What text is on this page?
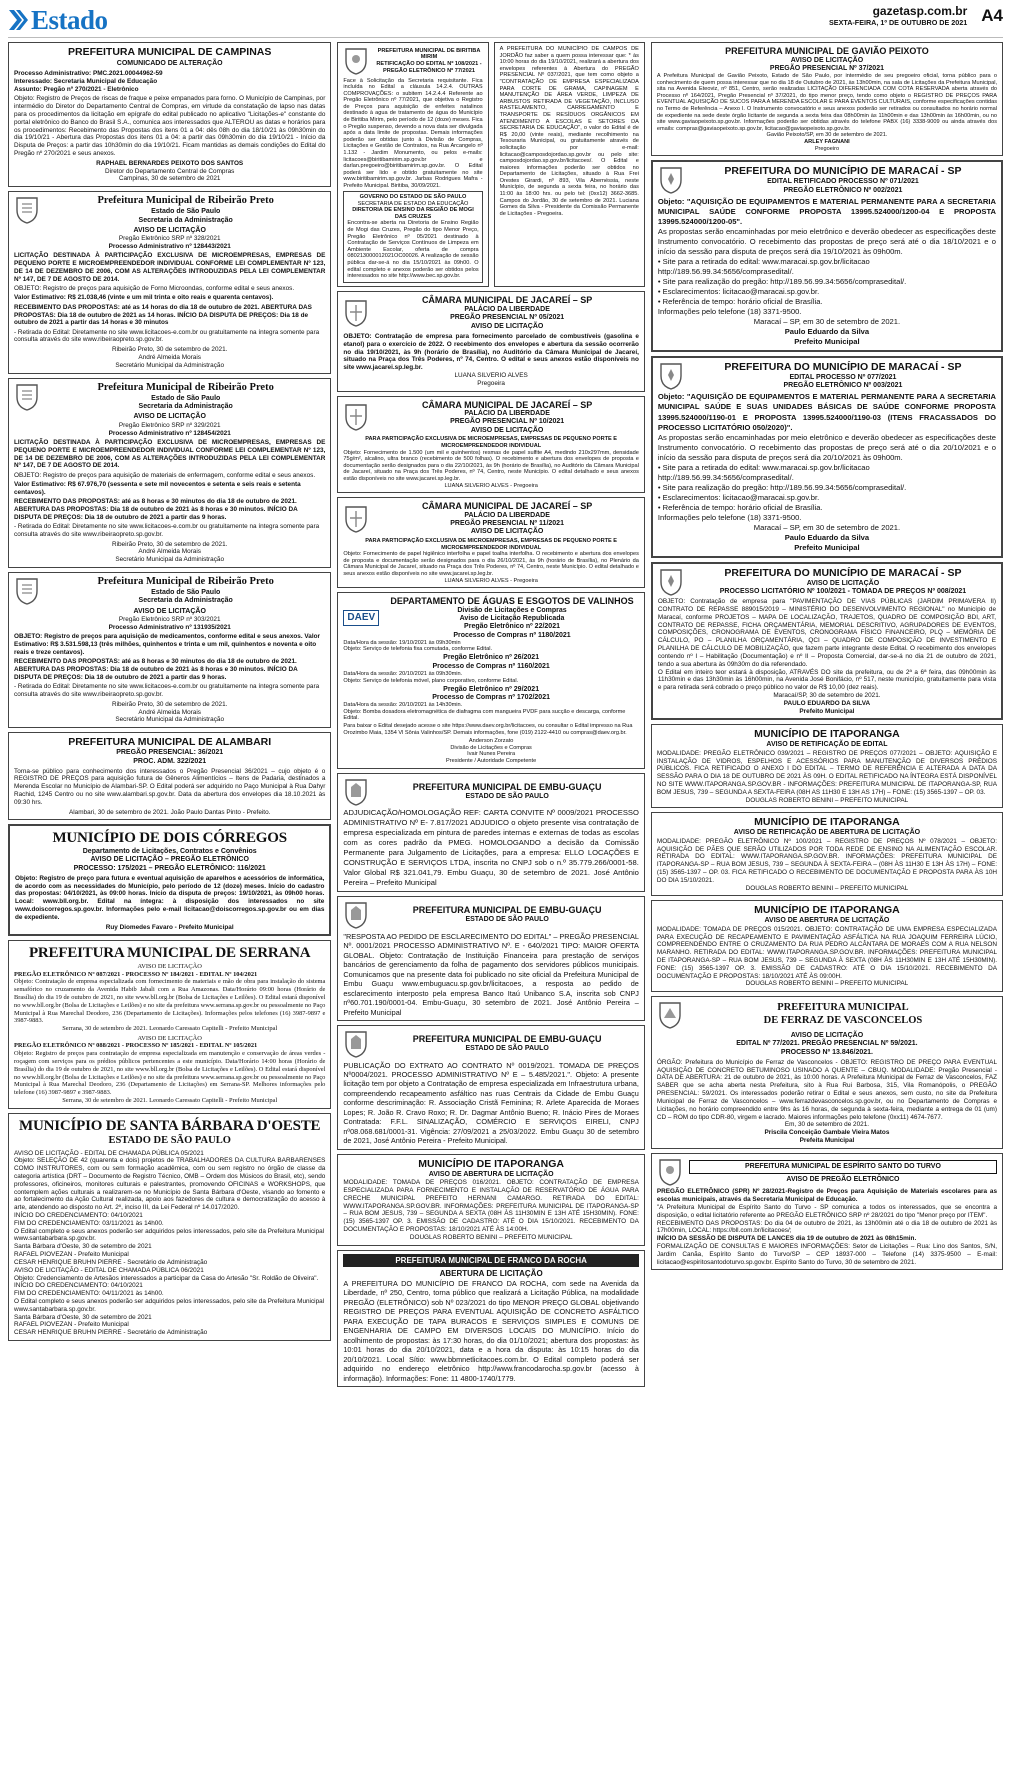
Estado	gazetasp.com.br
SEXTA-FEIRA, 1º DE OUTUBRO DE 2021 A4
PREFEITURA MUNICIPAL DE CAMPINAS
COMUNICADO DE ALTERAÇÃO
Processo Administrativo: PMC.2021.00044962-59
Interessado: Secretaria Municipal de Educação
Assunto: Pregão nº 270/2021 - Eletrônico
Objeto: Registro de Preços de riscas de fraque e peixe empanados para forno. O Município de Campinas, por intermédio do Diretor do Departamento Central de Compras, em virtude da constatação de lapso nas datas para os procedimentos da licitação em epígrafe do edital publicado no aplicativo "Licitações-e" constante do portal eletrônico do Banco do Brasil S.A., comunica aos interessados que ALTEROU as datas e horários para os procedimentos: Recebimento das Propostas dos itens 01 a 04: dês 08h do dia 18/10/21 às 09h30min do dia 19/10/21 - Abertura das Propostas dos itens 01 a 04: a partir das 09h30min do dia 19/10/21 - Início da Disputa de Preços: a partir das 10h30min do dia 19/10/21. Ficam mantidas as demais condições do Edital do Pregão nº 270/2021 e seus anexos.
RAPHAEL BERNARDES PEIXOTO DOS SANTOS
Diretor do Departamento Central de Compras
Campinas, 30 de setembro de 2021
Prefeitura Municipal de Ribeirão Preto
Estado de São Paulo
Secretaria da Administração
AVISO DE LICITAÇÃO
Pregão Eletrônico SRP nº 328/2021
Processo Administrativo nº 128443/2021
LICITAÇÃO DESTINADA À PARTICIPAÇÃO EXCLUSIVA DE MICROEMPRESAS, EMPRESAS DE PEQUENO PORTE E MICROEMPREENDEDOR INDIVIDUAL CONFORME LEI COMPLEMENTAR Nº 123, DE 14 DE DEZEMBRO DE 2006, COM AS ALTERAÇÕES INTRODUZIDAS PELA LEI COMPLEMENTAR Nº 147, DE 7 DE AGOSTO DE 2014.
OBJETO: Registro de preços para aquisição de Forno Microondas, conforme edital e seus anexos.
Valor Estimativo: R$ 21.038,46 (vinte e um mil trinta e oito reais e quarenta centavos).
RECEBIMENTO DAS PROPOSTAS: até as 14 horas do dia 18 de outubro de 2021. ABERTURA DAS PROPOSTAS: Dia 18 de outubro de 2021 as 14 horas. INÍCIO DA DISPUTA DE PREÇOS: Dia 18 de outubro de 2021 a partir das 14 horas e 30 minutos
- Retirada do Edital: Diretamente no site www.licitacoes-e.com.br ou gratuitamente na íntegra somente para consulta através do site www.ribeiraopreto.sp.gov.br.
Ribeirão Preto, 30 de setembro de 2021.
André Almeida Morais
Secretário Municipal da Administração
Prefeitura Municipal de Ribeirão Preto
Estado de São Paulo
Secretaria da Administração
AVISO DE LICITAÇÃO
Pregão Eletrônico SRP nº 329/2021
Processo Administrativo nº 128454/2021
LICITAÇÃO DESTINADA À PARTICIPAÇÃO EXCLUSIVA DE MICROEMPRESAS, EMPRESAS DE PEQUENO PORTE E MICROEMPREENDEDOR INDIVIDUAL CONFORME LEI COMPLEMENTAR Nº 123, DE 14 DE DEZEMBRO DE 2006, COM AS ALTERAÇÕES INTRODUZIDAS PELA LEI COMPLEMENTAR Nº 147, DE 7 DE AGOSTO DE 2014.
OBJETO: Registro de preços para aquisição de materiais de enfermagem, conforme edital e seus anexos.
Valor Estimativo: R$ 67.976,70 (sessenta e sete mil novecentos e setenta e seis reais e setenta centavos).
RECEBIMENTO DAS PROPOSTAS: até as 8 horas e 30 minutos do dia 18 de outubro de 2021. ABERTURA DAS PROPOSTAS: Dia 18 de outubro de 2021 às 8 horas e 30 minutos. INÍCIO DA DISPUTA DE PREÇOS: Dia 18 de outubro de 2021 a partir das 9 horas.
- Retirada do Edital: Diretamente no site www.licitacoes-e.com.br ou gratuitamente na íntegra somente para consulta através do site www.ribeiraopreto.sp.gov.br.
Ribeirão Preto, 30 de setembro de 2021.
André Almeida Morais
Secretário Municipal da Administração
Prefeitura Municipal de Ribeirão Preto
Estado de São Paulo
Secretaria da Administração
AVISO DE LICITAÇÃO
Pregão Eletrônico SRP nº 303/2021
Processo Administrativo nº 131935/2021
OBJETO: Registro de preços para aquisição de medicamentos, conforme edital e seus anexos. Valor Estimativo: R$ 3.531.598,13 (três milhões, quinhentos e trinta e um mil, quinhentos e noventa e oito reais e treze centavos).
RECEBIMENTO DAS PROPOSTAS: até as 8 horas e 30 minutos do dia 18 de outubro de 2021. ABERTURA DAS PROPOSTAS: Dia 18 de outubro de 2021 às 8 horas e 30 minutos. INÍCIO DA DISPUTA DE PREÇOS: Dia 18 de outubro de 2021 a partir das 9 horas.
- Retirada do Edital: Diretamente no site www.licitacoes-e.com.br ou gratuitamente na íntegra somente para consulta através do site www.ribeiraopreto.sp.gov.br.
Ribeirão Preto, 30 de setembro de 2021.
André Almeida Morais
Secretário Municipal da Administração
PREFEITURA MUNICIPAL DE ALAMBARI
PREGÃO PRESENCIAL: 36/2021
PROC. ADM. 322/2021
Torna-se público para conhecimento dos interessados o Pregão Presencial 36/2021 – cujo objeto é o REGISTRO DE PREÇOS para aquisição futura de Gêneros Alimentícios – Itens de Padaria, destinados a Merenda Escolar no Município de Alambari-SP. O Edital poderá ser adquirido no Paço Municipal à Rua Dahyr Rachid, 1245 Centro ou no site www.alambari.sp.gov.br. Data da abertura dos envelopes dia 18.10.2021 às 09:30 hrs.
Alambari, 30 de setembro de 2021. João Paulo Dantas Pinto - Prefeito.
MUNICÍPIO DE DOIS CÓRREGOS
Departamento de Licitações, Contratos e Convênios
AVISO DE LICITAÇÃO – PREGÃO ELETRÔNICO
PROCESSO: 175/2021 – PREGÃO ELETRÔNICO: 116/2021
Objeto: Registro de preço para futura e eventual aquisição de aparelhos e acessórios de informática, de acordo com as necessidades do Município, pelo período de 12 (doze) meses. Início do cadastro das propostas: 04/10/2021, às 09:00 horas. Início da disputa de preços: 19/10/2021, às 09h00 horas. Local: www.bll.org.br. Edital na íntegra: à disposição dos interessados no site www.doiscorregos.sp.gov.br. Informações pelo e-mail licitacao@doiscorregos.sp.gov.br ou em dias de expediente.
Ruy Diomedes Favaro - Prefeito Municipal
PREFEITURA MUNICIPAL DE SERRANA
AVISO DE LICITAÇÃO
PREGÃO ELETRÔNICO Nº 087/2021 - PROCESSO Nº 184/2021 - EDITAL Nº 104/2021
Objeto: Contratação de empresa especializada com fornecimento de materiais e mão de obra para instalação do sistema semafórico no cruzamento da Avenida Habib Jabali com a Rua Amazonas. Data/Horário 09:00 horas (Horário de Brasília) do dia 19 de outubro de 2021, no site www.bll.org.br (Bolsa de Licitações e Leilões). O Edital estará disponível no www.bll.org.br (Bolsa de Licitações e Leilões) e no site da prefeitura www.serrana.sp.gov.br ou pessoalmente no Paço Municipal à Rua Marechal Deodoro, 236 (Departamento de Licitações). Informações pelos telefones (16) 3987-9897 e 3987-9883.
Serrana, 30 de setembro de 2021. Leonardo Caressato Capitelli - Prefeito Municipal
AVISO DE LICITAÇÃO
PREGÃO ELETRÔNICO Nº 088/2021 - PROCESSO Nº 185/2021 - EDITAL Nº 105/2021
Objeto: Registro de preços para contratação de empresa especializada em manutenção e conservação de áreas verdes - roçagem com serviços para os prédios públicos pertencentes a este município. Data/Horário 14:00 horas (Horário de Brasília) do dia 19 de outubro de 2021, no site www.bll.org.br (Bolsa de Licitações e Leilões). O Edital estará disponível no www.bll.org.br (Bolsa de Licitações e Leilões) e no site da prefeitura www.serrana.sp.gov.br ou pessoalmente no Paço Municipal à Rua Marechal Deodoro, 236 (Departamento de Licitações) em Serrana-SP. Melhores informações pelo telefone (16) 3987-9897 e 3987-9883.
Serrana, 30 de setembro de 2021. Leonardo Caressato Capitelli - Prefeito Municipal
MUNICÍPIO DE SANTA BÁRBARA D'OESTE
ESTADO DE SÃO PAULO
AVISO DE LICITAÇÃO - EDITAL DE CHAMADA PÚBLICA 05/2021
Objeto: SELEÇÃO DE 42 (quarenta e dois) projetos de TRABALHADORES DA CULTURA BARBARENSES COMO INSTRUTORES, com ou sem formação acadêmica, com ou sem registro no órgão de classe da categoria artística (DRT – Documento de Registro Técnico, OMB – Ordem dos Músicos do Brasil, etc), sendo professores, oficineiros, monitores culturais e palestrantes, promovendo OFICINAS e WORKSHOPS, que contemplem ações culturais a realizarem-se no Município de Santa Bárbara d'Oeste, visando ao fomento e ao fortalecimento da Ação Cultural realizada, apoio aos fazedores de cultura e democratização do acesso à arte, atendendo ao disposto no Art. 2º, inciso III, da Lei Federal nº 14.017/2020.
INÍCIO DO CREDENCIAMENTO: 04/10/2021
FIM DO CREDENCIAMENTO: 03/11/2021 às 14h00.
O Edital completo e seus anexos poderão ser adquiridos pelos interessados, pelo site da Prefeitura Municipal www.santabarbara.sp.gov.br.
Santa Bárbara d'Oeste, 30 de setembro de 2021
RAFAEL PIOVEZAN - Prefeito Municipal
CESAR HENRIQUE BRUHN PIERRE - Secretário de Administração
AVISO DE LICITAÇÃO - EDITAL DE CHAMADA PÚBLICA 06/2021
Objeto: Credenciamento de Artesãos interessados a participar da Casa do Artesão "Sr. Roldão de Oliveira".
INÍCIO DO CREDENCIAMENTO: 04/10/2021
FIM DO CREDENCIAMENTO: 04/11/2021 às 14h00.
O Edital completo e seus anexos poderão ser adquiridos pelos interessados, pelo site da Prefeitura Municipal www.santabarbara.sp.gov.br.
Santa Bárbara d'Oeste, 30 de setembro de 2021
RAFAEL PIOVEZAN - Prefeito Municipal
CESAR HENRIQUE BRUHN PIERRE - Secretário de Administração
PREFEITURA MUNICIPAL DE BIRITIBA MIRIM
RETIFICAÇÃO DO EDITAL Nº 108/2021 - PREGÃO ELETRÔNICO Nº 77/2021
Face à Solicitação da Secretaria requisitante. Fica incluída no Edital a cláusula 14.2.4. OUTRAS COMPROVAÇÕES: o subitem 14.2.4.4 Referente ao Pregão Eletrônico nº 77/2021, que objetiva o Registro de Preços para aquisição de enfeites natalinos destinado à agua de tratamento de água do Município de Biritiba Mirim, pelo período de 12 (doze) meses. Fica o Pregão suspenso, devendo a nova data ser divulgada após a data limite de propostas. Demais informações poderão ser obtidas junto à Divisão de Compras, Licitações e Gestão de Contratos, na Rua Arcangelo nº 1.132 - Jardim Monumento, ou pelos e-mails: licitacoes@biritibamirim.sp.gov.br e darlan.pregoeiro@biritibamirim.sp.gov.br. O Edital poderá ser lido e obtido gratuitamente no site www.biritibamirim.sp.gov.br. Jarbas Rodrigues Mafra - Prefeito Municipal. Biritiba, 30/09/2021.
GOVERNO DO ESTADO DE SÃO PAULO
SECRETARIA DE ESTADO DA EDUCAÇÃO
DIRETORIA DE ENSINO DA REGIÃO DE MOGI DAS CRUZES
Encontra-se aberta na Diretoria de Ensino Região de Mogi das Cruzes, Pregão do tipo Menor Preço, Pregão Eletrônico nº 05/2021 destinado à Contratação de Serviços Contínuos de Limpeza em Ambiente Escolar, oferta de compra 080213000012021OC00026. A realização de sessão pública dar-se-á no dia 15/10/2021 às 09h00. O edital completo e anexos poderão ser obtidos pelos interessados no site http://www.bec.sp.gov.br.
A PREFEITURA DO MUNICÍPIO DE CAMPOS DE JORDÃO faz saber a quem possa interessar que: * às 10:00 horas do dia 19/10/2021, realizará a abertura dos envelopes referentes à Abertura do PREGÃO PRESENCIAL Nº 037/2021, que tem como objeto a "CONTRATAÇÃO DE EMPRESA ESPECIALIZADA PARA CORTE DE GRAMA, CAPINAGEM E MANUTENÇÃO DE ÁREA VERDE, LIMPEZA DE ARBUSTOS RETIRADA DE VEGETAÇÃO, INCLUSO RASTELAMENTO, CARREGAMENTO E TRANSPORTE DE RESÍDUOS ORGÂNICOS EM ATENDIMENTO A ESCOLAS E SETORES DA SECRETARIA DE EDUCAÇÃO", o valor do Edital é de R$ 20,00 (vinte reais), mediante recolhimento na Tesouraria Municipal, ou gratuitamente através de solicitação por e-mail: licitacao@camposdojordao.sp.gov.br ou pelo site: camposdojordao.sp.gov.br/licitacoes/. O Edital e maiores informações poderão ser obtidos no Departamento de Licitações, situado à Rua Frei Orestes Girardi, nº 893, Vila Abernéssia, neste Município, de segunda a sexta feira, no horário das 11:00 às 18:00 hrs. ou pelo tel: (0xx12) 3662-3685. Campos do Jordão, 30 de setembro de 2021. Luciana Gomes da Silva - Presidente da Comissão Permanente de Licitações - Pregoeira.
CÂMARA MUNICIPAL DE JACAREÍ – SP
PALÁCIO DA LIBERDADE
PREGÃO PRESENCIAL Nº 05/2021
AVISO DE LICITAÇÃO
OBJETO: Contratação de empresa para fornecimento parcelado de combustíveis (gasolina e etanol) para o exercício de 2022. O recebimento dos envelopes e abertura da sessão ocorrerão no dia 19/10/2021, às 9h (horário de Brasília), no Auditório da Câmara Municipal de Jacareí, situado na Praça dos Três Poderes, nº 74, Centro. O edital e seus anexos estão disponíveis no site www.jacarei.sp.leg.br.
LUANA SILVERIO ALVES
Pregoeira
CÂMARA MUNICIPAL DE JACAREÍ – SP
PALÁCIO DA LIBERDADE
PREGÃO PRESENCIAL Nº 10/2021
AVISO DE LICITAÇÃO
PARA PARTICIPAÇÃO EXCLUSIVA DE MICROEMPRESAS, EMPRESAS DE PEQUENO PORTE E MICROEMPREENDEDOR INDIVIDUAL
Objeto: Fornecimento de 1.500 (um mil e quinhentos) resmas de papel sulfite A4, medindo 210x297mm, densidade 75g/m², alcalino, ultra branco (recebimento de 500 folhas). O recebimento e abertura dos envelopes de proposta e documentação serão designados para o dia 22/10/2021, às 9h (horário de Brasília), no Auditório da Câmara Municipal de Jacareí, situado na Praça dos Três Poderes, nº 74, Centro, neste Município. O edital detalhado e seus anexos estão disponíveis no site www.jacarei.sp.leg.br.
LUANA SILVERIO ALVES - Pregoeira
CÂMARA MUNICIPAL DE JACAREÍ – SP
PALÁCIO DA LIBERDADE
PREGÃO PRESENCIAL Nº 11/2021
AVISO DE LICITAÇÃO
PARA PARTICIPAÇÃO EXCLUSIVA DE MICROEMPRESAS, EMPRESAS DE PEQUENO PORTE E MICROEMPREENDEDOR INDIVIDUAL
Objeto: Fornecimento de papel higiênico interfolha e papel toalha interfolha. O recebimento e abertura dos envelopes de proposta e documentação serão designados para o dia 26/10/2021, às 9h (horário de Brasília), no Plenário da Câmara Municipal de Jacareí, situado na Praça dos Três Poderes, nº 74, Centro, neste Município. O edital detalhado e seus anexos estão disponíveis no site www.jacarei.sp.leg.br.
LUANA SILVERIO ALVES - Pregoeira
DAEV
DEPARTAMENTO DE ÁGUAS E ESGOTOS DE VALINHOS
Divisão de Licitações e Compras
Aviso de Licitação Republicada
Pregão Eletrônico nº 22/2021
Processo de Compras nº 1180/2021
Data/Hora da sessão: 19/10/2021 às 09h30min
Objeto: Serviço de telefonia fixa comutada, conforme Edital.
Pregão Eletrônico nº 26/2021
Processo de Compras nº 1160/2021
Data/Hora da sessão: 20/10/2021 às 09h30min.
Objeto: Serviço de telefonia móvel, plano corporativo, conforme Edital.
Pregão Eletrônico nº 29/2021
Processo de Compras nº 1702/2021
Data/Hora da sessão: 20/10/2021 às 14h30min.
Objeto: Bomba dosadora eletromagnética de diafragma com mangueira PVDF para sucção e descarga, conforme Edital.
Para baixar o Edital desejado acesse o site https://www.daev.org.br/licitacoes, ou consultar o Edital impresso na Rua Orozimbo Maia, 1354 Vl Sônia Valinhos/SP. Demais informações, fone (019) 2122-4410 ou compras@daev.org.br.
Anderson Zorzato
Divisão de Licitações e Compras
Ivair Nunes Pereira
Presidente / Autoridade Competente
PREFEITURA MUNICIPAL DE EMBU-GUAÇU
ESTADO DE SÃO PAULO
ADJUDICAÇÃO/HOMOLOGAÇÃO REF: CARTA CONVITE Nº 0009/2021 PROCESSO ADMINISTRATIVO Nº E- 7.817/2021 ADJUDICO o objeto presente visa contratação de empresa especializada em pintura de paredes internas e externas de todas as escolas com as cores padrão da PMEG. HOMOLOGANDO a decisão da Comissão Permanente para Julgamento de Licitações, para a empresa: ELLO LOCAÇÕES E CONSTRUÇÃO E SERVIÇOS LTDA, inscrita no CNPJ sob o n.º 35.779.266/0001-58. Valor Global R$ 321.041,79. Embu Guaçu, 30 de setembro de 2021. José Antônio Pereira – Prefeito Municipal
PREFEITURA MUNICIPAL DE EMBU-GUAÇU
ESTADO DE SÃO PAULO
"RESPOSTA AO PEDIDO DE ESCLARECIMENTO DO EDITAL" – PREGÃO PRESENCIAL Nº. 0001/2021 PROCESSO ADMINISTRATIVO Nº. E - 640/2021 TIPO: MAIOR OFERTA GLOBAL. Objeto: Contratação de Instituição Financeira para prestação de serviços bancários de gerenciamento da folha de pagamento dos servidores públicos municipais. Comunicamos que na presente data foi publicado no site oficial da Prefeitura Municipal de Embu Guaçu www.embuguacu.sp.gov.br/licitacoes, a resposta ao pedido de esclarecimento interposto pela empresa Banco Itaú Unibanco S.A, inscrita sob CNPJ nº60.701.190/0001-04. Embu-Guaçu, 30 setembro de 2021. José Antônio Pereira – Prefeito Municipal
PREFEITURA MUNICIPAL DE EMBU-GUAÇU
ESTADO DE SÃO PAULO
PUBLICAÇÃO DO EXTRATO AO CONTRATO Nº 0019/2021. TOMADA DE PREÇOS Nº0004/2021. PROCESSO ADMINISTRATIVO Nº E – 5.485/2021.". Objeto: A presente licitação tem por objeto a Contratação de empresa especializada em Infraestrutura urbana, compreendendo recapeamento asfáltico nas ruas Centrais da Cidade de Embu Guaçu conforme descriminação: R. Associação Cristã Feminina; R. Arlete Aparecida de Moraes Lopes; R. João R. Cravo Roxo; R. Dr. Dagmar Antônio Bueno; R. Inácio Pires de Moraes Contratada: F.F.L. SINALIZAÇÃO, COMÉRCIO E SERVIÇOS EIRELI, CNPJ nº08.068.681/0001-31. Vigência: 27/09/2021 a 25/03/2022. Embu Guaçu 30 de setembro de 2021, José Antônio Pereira - Prefeito Municipal.
MUNICÍPIO DE ITAPORANGA
AVISO DE ABERTURA DE LICITAÇÃO
MODALIDADE: TOMADA DE PREÇOS 016/2021. OBJETO: CONTRATAÇÃO DE EMPRESA ESPECIALIZADA PARA FORNECIMENTO E INSTALAÇÃO DE RESERVATÓRIO DE ÁGUA PARA CRECHE MUNICIPAL PREFEITO HERNANI CAMARGO. RETIRADA DO EDITAL: WWW.ITAPORANGA.SP.GOV.BR. INFORMAÇÕES: PREFEITURA MUNICIPAL DE ITAPORANGA-SP – RUA BOM JESUS, 739 – SEGUNDA A SEXTA (08H ÀS 11H30MIN E 13H ATÉ 15H30MIN). FONE: (15) 3565-1397 OP. 3. EMISSÃO DE CADASTRO: ATÉ O DIA 15/10/2021. RECEBIMENTO DA DOCUMENTAÇÃO E PROPOSTAS: 18/10/2021 ATÉ ÀS 14:00H.
DOUGLAS ROBERTO BENINI – PREFEITO MUNICIPAL
PREFEITURA MUNICIPAL DE FRANCO DA ROCHA
ABERTURA DE LICITAÇÃO
A PREFEITURA DO MUNICÍPIO DE FRANCO DA ROCHA, com sede na Avenida da Liberdade, nº 250, Centro, torna público que realizará a Licitação Pública, na modalidade PREGÃO (ELETRÔNICO) sob Nº 023/2021 do tipo MENOR PREÇO GLOBAL objetivando REGISTRO DE PREÇOS PARA EVENTUAL AQUISIÇÃO DE CONCRETO ASFÁLTICO PARA EXECUÇÃO DE TAPA BURACOS E SERVIÇOS SIMPLES E COMUNS DE ENGENHARIA DE CAMPO EM DIVERSOS LOCAIS DO MUNICÍPIO. Início do acolhimento de propostas: às 17:30 horas, do dia 01/10/2021; abertura dos propostas: às 10:01 horas do dia 20/10/2021, data e a hora da disputa: às 10:15 horas do dia 20/10/2021. Local Sítio: www.bbmnetlicitacoes.com.br. O Edital completo poderá ser adquirido no endereço eletrônico http://www.francodarocha.sp.gov.br (acesso à informação). Informações: Fone: 11 4800-1740/1779.
PREFEITURA MUNICIPAL DE GAVIÃO PEIXOTO
AVISO DE LICITAÇÃO
PREGÃO PRESENCIAL Nº 37/2021
A Prefeitura Municipal de Gavião Peixoto, Estado de São Paulo, por intermédio de seu pregoeiro oficial, torna público para o conhecimento de quem possa interessar que no dia 18 de Outubro de 2021, às 13h00min, na sala de Licitações da Prefeitura Municipal, sita na Avenida Eteoviz, nº 851, Centro, serão realizadas LICITAÇÃO DIFERENCIADA COM COTA RESERVADA aberta através do Processo nº 164/2021, Pregão Presencial nº 37/2021, do tipo menor preço, tendo como objeto o REGISTRO DE PREÇOS PARA EVENTUAL AQUISIÇÃO DE SUCOS PARA A MERENDA ESCOLAR E PARA EVENTOS CULTURAIS, conforme especificações contidas no Termo de Referência – Anexo I. O Instrumento convocatório e seus anexos poderão ser retirados ou consultados no horário normal de expediente na sede deste órgão licitante de segunda a sexta feira das 08h00min às 11h00min e das 13h00min às 16h00min, ou no site www.gaviaopeixoto.sp.gov.br. Informações poderão ser obtidas através do telefone PABX (16) 3338-9009 ou ainda através dos emails: compras@gaviaopeixoto.sp.gov.br, licitacao@gaviaopeixoto.sp.gov.br.
Gavião Peixoto/SP, em 30 de setembro de 2021.
ARLEY FAGNANI
Pregoeiro
PREFEITURA DO MUNICÍPIO DE MARACAÍ - SP
EDITAL RETIFICADO PROCESSO Nº 071/2021
PREGÃO ELETRÔNICO Nº 002/2021
Objeto: "AQUISIÇÃO DE EQUIPAMENTOS E MATERIAL PERMANENTE PARA A SECRETARIA MUNICIPAL SAÚDE CONFORME PROPOSTA 13995.524000/1200-04 E PROPOSTA 13995.524000/1200-05".
As propostas serão encaminhadas por meio eletrônico e deverão obedecer as especificações deste Instrumento convocatório. O recebimento das propostas de preço será até o dia 18/10/2021 e o início da sessão para disputa de preços será dia 19/10/2021 às 09h00m.
• Site para a retirada do edital: www.maracai.sp.gov.br/licitacao http://189.56.99.34:5656/comprasedital/.
• Site para realização do pregão: http://189.56.99.34:5656/comprasedital/.
• Esclarecimentos: licitacao@maracai.sp.gov.br.
• Referência de tempo: horário oficial de Brasília.
Informações pelo telefone (18) 3371-9500.
Maracaí – SP, em 30 de setembro de 2021.
Paulo Eduardo da Silva
Prefeito Municipal
PREFEITURA DO MUNICÍPIO DE MARACAÍ - SP
EDITAL PROCESSO Nº 077/2021
PREGÃO ELETRÔNICO Nº 003/2021
Objeto: "AQUISIÇÃO DE EQUIPAMENTOS E MATERIAL PERMANENTE PARA A SECRETARIA MUNICIPAL SAÚDE E SUAS UNIDADES BÁSICAS DE SAÚDE CONFORME PROPOSTA 13995.524000/1190-01 E PROPOSTA 13995.524000/1190-03 (ITENS FRACASSADOS DO PROCESSO LICITATÓRIO 050/2020)".
As propostas serão encaminhadas por meio eletrônico e deverão obedecer as especificações deste Instrumento convocatório. O recebimento das propostas de preço será até o dia 20/10/2021 e o início da sessão para disputa de preços será dia 20/10/2021 às 09h00m.
• Site para a retirada do edital: www.maracai.sp.gov.br/licitacao http://189.56.99.34:5656/comprasedital/.
• Site para realização do pregão: http://189.56.99.34:5656/comprasedital/.
• Esclarecimentos: licitacao@maracai.sp.gov.br.
• Referência de tempo: horário oficial de Brasília.
Informações pelo telefone (18) 3371-9500.
Maracaí – SP, em 30 de setembro de 2021.
Paulo Eduardo da Silva
Prefeito Municipal
PREFEITURA DO MUNICÍPIO DE MARACAÍ - SP
AVISO DE LICITAÇÃO
PROCESSO LICITATÓRIO Nº 100/2021 - TOMADA DE PREÇOS Nº 008/2021
OBJETO: Contratação de empresa para "PAVIMENTAÇÃO DE VIAS PÚBLICAS (JARDIM PRIMAVERA II) CONTRATO DE REPASSE 889015/2019 – MINISTÉRIO DO DESENVOLVIMENTO REGIONAL" no Município de Maracaí, conforme PROJETOS – MAPA DE LOCALIZAÇÃO, TRAJETOS, QUADRO DE COMPOSIÇÃO BDI, ART, CONTRATO DE REPASSE, FICHA ORÇAMENTÁRIA, MEMORIAL DESCRITIVO, AGRUPADORES DE EVENTOS, COMPOSIÇÕES, CRONOGRAMA DE EVENTOS, CRONOGRAMA FÍSICO FINANCEIRO, PLQ – MEMÓRIA DE CÁLCULO, PO – PLANILHA ORÇAMENTÁRIA, QCI – QUADRO DE COMPOSIÇÃO DE INVESTIMENTO E PLANILHA DE CÁLCULO DE MOBILIZAÇÃO, que fazem parte integrante deste Edital. O recebimento dos envelopes contendo nº I – Habilitação (Documentação) e nº II – Proposta Comercial, dar-se-á no dia 21 de outubro de 2021, tendo a sua abertura às 09h30m do dia referendado.
O Edital em inteiro teor estará à disposição, ATRAVÉS DO site da prefeitura, ou de 2ª a 6ª feira, das 09h00min às 11h30min e das 13h30min às 16h00min, na Avenida José Bonifácio, nº 517, neste município, gratuitamente para vista e para retirada será cobrado o preço público no valor de R$ 10,00 (dez reais).
Maracaí/SP, 30 de setembro de 2021.
PAULO EDUARDO DA SILVA
Prefeito Municipal
MUNICÍPIO DE ITAPORANGA
AVISO DE RETIFICAÇÃO DE EDITAL
MODALIDADE: PREGÃO ELETRÔNICO 039/2021 – REGISTRO DE PREÇOS 077/2021 – OBJETO: AQUISIÇÃO E INSTALAÇÃO DE VIDROS, ESPELHOS E ACESSÓRIOS PARA MANUTENÇÃO DE DIVERSOS PRÉDIOS PÚBLICOS. FICA RETIFICADO O ANEXO I DO EDITAL – TERMO DE REFERÊNCIA E ALTERADA A DATA DA SESSÃO PARA O DIA 18 DE OUTUBRO DE 2021 ÀS 09H. O EDITAL RETIFICADO NA ÍNTEGRA ESTÁ DISPONÍVEL NO SITE WWW.ITAPORANGA.SP.GOV.BR - INFORMAÇÕES: PREFEITURA MUNICIPAL DE ITAPORANGA-SP, RUA BOM JESUS, 739 – SEGUNDA A SEXTA-FEIRA (08H AS 11H30 E 13H AS 17H) – FONE: (15) 3565-1397 – OP. 03.
DOUGLAS ROBERTO BENINI – PREFEITO MUNICIPAL
MUNICÍPIO DE ITAPORANGA
AVISO DE RETIFICAÇÃO DE ABERTURA DE LICITAÇÃO
MODALIDADE: PREGÃO ELETRÔNICO Nº 100/2021 – REGISTRO DE PREÇOS Nº 078/2021 – OBJETO: AQUISIÇÃO DE PÃES QUE SERÃO UTILIZADOS POR TODA REDE DE ENSINO NA ALIMENTAÇÃO ESCOLAR. RETIRADA DO EDITAL: WWW.ITAPORANGA.SP.GOV.BR. INFORMAÇÕES: PREFEITURA MUNICIPAL DE ITAPORANGA-SP – RUA BOM JESUS, 739 – SEGUNDA À SEXTA-FEIRA – (08H ÀS 11H30 E 13H ÀS 17H) – FONE: (15) 3565-1397 – OP. 03. FICA RETIFICADO O RECEBIMENTO DE DOCUMENTAÇÃO E PROPOSTA PARA ÀS 10H DO DIA 15/10/2021.
DOUGLAS ROBERTO BENINI – PREFEITO MUNICIPAL
MUNICÍPIO DE ITAPORANGA
AVISO DE ABERTURA DE LICITAÇÃO
MODALIDADE: TOMADA DE PREÇOS 015/2021. OBJETO: CONTRATAÇÃO DE UMA EMPRESA ESPECIALIZADA PARA EXECUÇÃO DE RECAPEAMENTO E PAVIMENTAÇÃO ASFÁLTICA NA RUA JOAQUIM FERREIRA LÚCIO, COMPREENDENDO ENTRE O CRUZAMENTO DA RUA PEDRO ALCÂNTARA DE MORAES COM A RUA NELSON MARANHO. RETIRADA DO EDITAL: WWW.ITAPORANGA.SP.GOV.BR. INFORMAÇÕES: PREFEITURA MUNICIPAL DE ITAPORANGA-SP – RUA BOM JESUS, 739 – SEGUNDA À SEXTA (08H ÀS 11H30MIN E 13H ATÉ 15H30MIN). FONE: (15) 3565-1397 OP. 3. EMISSÃO DE CADASTRO: ATÉ O DIA 15/10/2021. RECEBIMENTO DA DOCUMENTAÇÃO E PROPOSTAS: 18/10/2021 ATÉ ÀS 09:00H.
DOUGLAS ROBERTO BENINI – PREFEITO MUNICIPAL
PREFEITURA MUNICIPAL
DE FERRAZ DE VASCONCELOS
AVISO DE LICITAÇÃO
EDITAL Nº 77/2021. PREGÃO PRESENCIAL Nº 59/2021.
PROCESSO Nº 13.846/2021.
ÓRGÃO: Prefeitura do Município de Ferraz de Vasconcelos - OBJETO: REGISTRO DE PREÇO PARA EVENTUAL AQUISIÇÃO DE CONCRETO BETUMINOSO USINADO A QUENTE – CBUQ. MODALIDADE: Pregão Presencial - DATA DE ABERTURA: 21 de outubro de 2021, às 10:00 horas. A Prefeitura Municipal de Ferraz de Vasconcelos, FAZ SABER que se acha aberta nesta Prefeitura, sito à Rua Rui Barbosa, 315, Vila Romanópolis, o PREGÃO PRESENCIAL: 59/2021. Os interessados poderão retirar o Edital e seus anexos, sem custo, no site da Prefeitura Municipal de Ferraz de Vasconcelos – www.ferrazdevasconcelos.sp.gov.br, ou no Departamento de Compras e Licitações, no horário compreendido entre 9hs às 16 horas, de segunda à sexta-feira, mediante a entrega de 01 (um) CD – ROM do tipo CDR-80, virgem e lacrado. Maiores informações pelo telefone (0xx11) 4674-7677.
Em, 30 de setembro de 2021.
Priscila Conceição Gambale Vieira Matos
Prefeita Municipal
PREFEITURA MUNICIPAL DE ESPÍRITO SANTO DO TURVO
AVISO DE PREGÃO ELETRÔNICO
PREGÃO ELETRÔNICO (SPR) Nº 28/2021-Registro de Preços para Aquisição de Materiais escolares para as escolas municipais, através da Secretaria Municipal de Educação.
"A Prefeitura Municipal de Espírito Santo do Turvo - SP comunica a todos os interessados, que se encontra a disposição, o edital licitatório referente ao PREGÃO ELETRÔNICO SRP nº 28/2021 do tipo "Menor preço por ITEM".
RECEBIMENTO DAS PROPOSTAS: Do dia 04 de outubro de 2021, às 13h00min até o dia 18 de outubro de 2021 às 17h00min, LOCAL: https://bll.com.br/licitacoes/;
INÍCIO DA SESSÃO DE DISPUTA DE LANCES dia 19 de outubro de 2021 às 08h15min.
FORMALIZAÇÃO DE CONSULTAS E MAIORES INFORMAÇÕES: Setor de Licitações – Rua: Lino dos Santos, S/N, Jardim Canãa, Espírito Santo do Turvo/SP – CEP 18937-000 – Telefone (14) 3375-9500 – E-mail: licitacao@espiritosantodoturvo.sp.gov.br. Espírito Santo do Turvo, 30 de setembro de 2021.
